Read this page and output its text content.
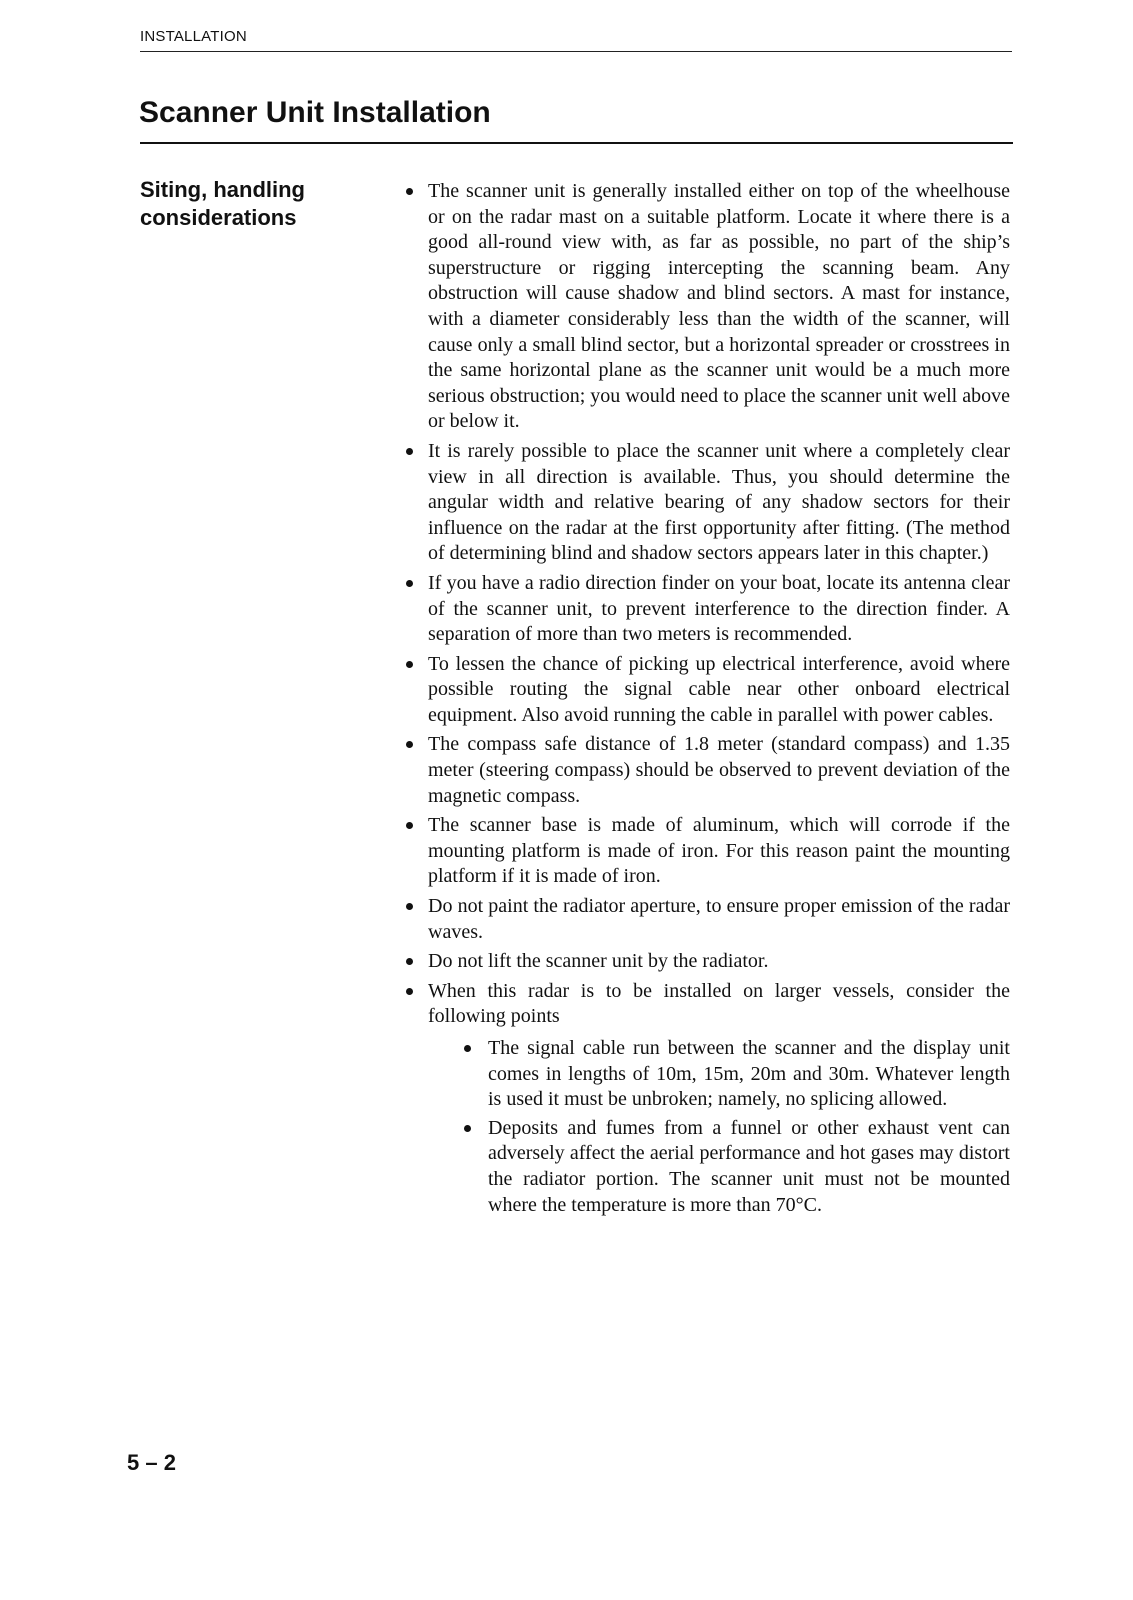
INSTALLATION
Scanner Unit Installation
Siting, handling considerations
The scanner unit is generally installed either on top of the wheelhouse or on the radar mast on a suitable platform. Locate it where there is a good all-round view with, as far as possible, no part of the ship’s superstructure or rigging intercepting the scanning beam. Any obstruction will cause shadow and blind sectors. A mast for instance, with a diameter considerably less than the width of the scanner, will cause only a small blind sector, but a horizontal spreader or crosstrees in the same horizontal plane as the scanner unit would be a much more serious obstruction; you would need to place the scanner unit well above or below it.
It is rarely possible to place the scanner unit where a completely clear view in all direction is available. Thus, you should determine the angular width and relative bearing of any shadow sectors for their influence on the radar at the first opportunity after fitting. (The method of determining blind and shadow sectors appears later in this chapter.)
If you have a radio direction finder on your boat, locate its antenna clear of the scanner unit, to prevent interference to the direction finder. A separation of more than two meters is recommended.
To lessen the chance of picking up electrical interference, avoid where possible routing the signal cable near other onboard electrical equipment. Also avoid running the cable in parallel with power cables.
The compass safe distance of 1.8 meter (standard compass) and 1.35 meter (steering compass) should be observed to prevent deviation of the magnetic compass.
The scanner base is made of aluminum, which will corrode if the mounting platform is made of iron. For this reason paint the mounting platform if it is made of iron.
Do not paint the radiator aperture, to ensure proper emission of the radar waves.
Do not lift the scanner unit by the radiator.
When this radar is to be installed on larger vessels, consider the following points
The signal cable run between the scanner and the display unit comes in lengths of 10m, 15m, 20m and 30m. Whatever length is used it must be unbroken; namely, no splicing allowed.
Deposits and fumes from a funnel or other exhaust vent can adversely affect the aerial performance and hot gases may distort the radiator portion. The scanner unit must not be mounted where the temperature is more than 70°C.
5 – 2
